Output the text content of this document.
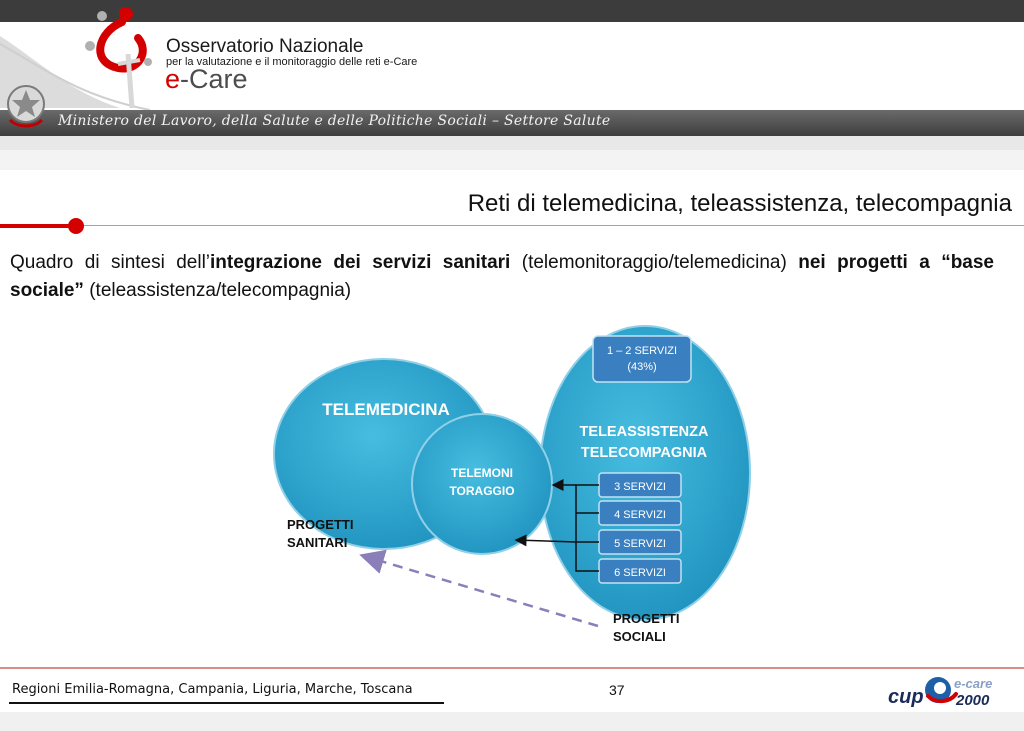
Osservatorio Nazionale
per la valutazione e il monitoraggio delle reti e-Care
e-Care
Ministero del Lavoro, della Salute e delle Politiche Sociali – Settore Salute
Reti di telemedicina, teleassistenza, telecompagnia
Quadro di sintesi dell’integrazione dei servizi sanitari (telemonitoraggio/telemedicina) nei progetti a “base sociale” (teleassistenza/telecompagnia)
TELEMEDICINA
TELEMONI
TORAGGIO
TELEASSISTENZA
TELECOMPAGNIA
1 – 2 SERVIZI
(43%)
3 SERVIZI
4 SERVIZI
5 SERVIZI
6 SERVIZI
PROGETTI
SANITARI
PROGETTI
SOCIALI
Regioni Emilia-Romagna, Campania, Liguria, Marche, Toscana	37	cup
e-care
2000
